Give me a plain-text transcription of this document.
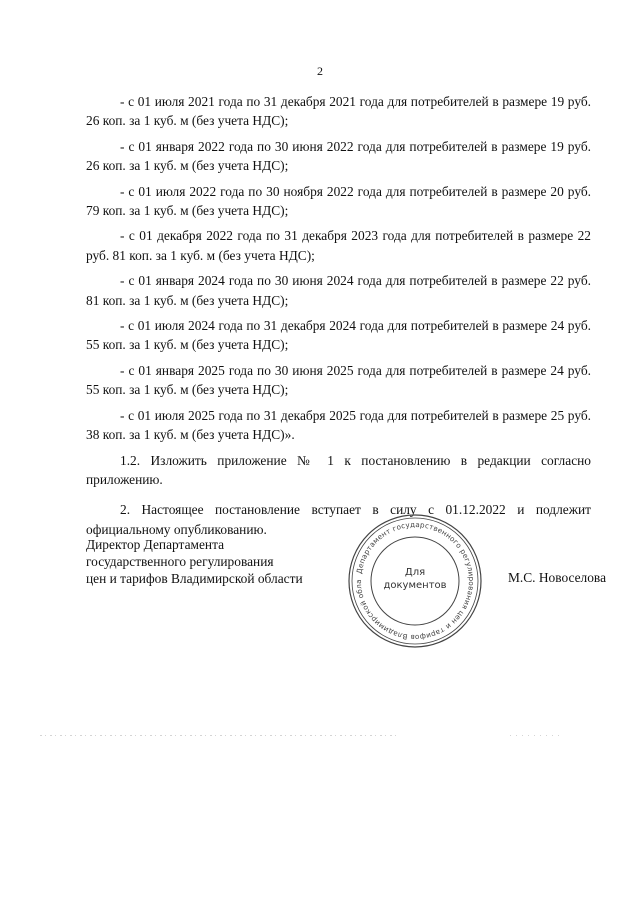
2

- с 01 июля 2021 года по 31 декабря 2021 года для потребителей в размере 19 руб. 26 коп. за 1 куб. м (без учета НДС);

- с 01 января 2022 года по 30 июня 2022 года для потребителей в размере 19 руб. 26 коп. за 1 куб. м (без учета НДС);

- с 01 июля 2022 года по 30 ноября 2022 года для потребителей в размере 20 руб. 79 коп. за 1 куб. м (без учета НДС);

- с 01 декабря 2022 года по 31 декабря 2023 года для потребителей в размере 22 руб. 81 коп. за 1 куб. м (без учета НДС);

- с 01 января 2024 года по 30 июня 2024 года для потребителей в размере 22 руб. 81 коп. за 1 куб. м (без учета НДС);

- с 01 июля 2024 года по 31 декабря 2024 года для потребителей в размере 24 руб. 55 коп. за 1 куб. м (без учета НДС);

- с 01 января 2025 года по 30 июня 2025 года для потребителей в размере 24 руб. 55 коп. за 1 куб. м (без учета НДС);

- с 01 июля 2025 года по 31 декабря 2025 года для потребителей в размере 25 руб. 38 коп. за 1 куб. м (без учета НДС)».

1.2. Изложить приложение № 1 к постановлению в редакции согласно приложению.

2. Настоящее постановление вступает в силу с 01.12.2022 и подлежит официальному опубликованию.

Директор Департамента
государственного регулирования
цен и тарифов Владимирской области
Департамент государственного регулирования цен и тарифов Владимирской обла
Для
документов
М.С. Новоселова
